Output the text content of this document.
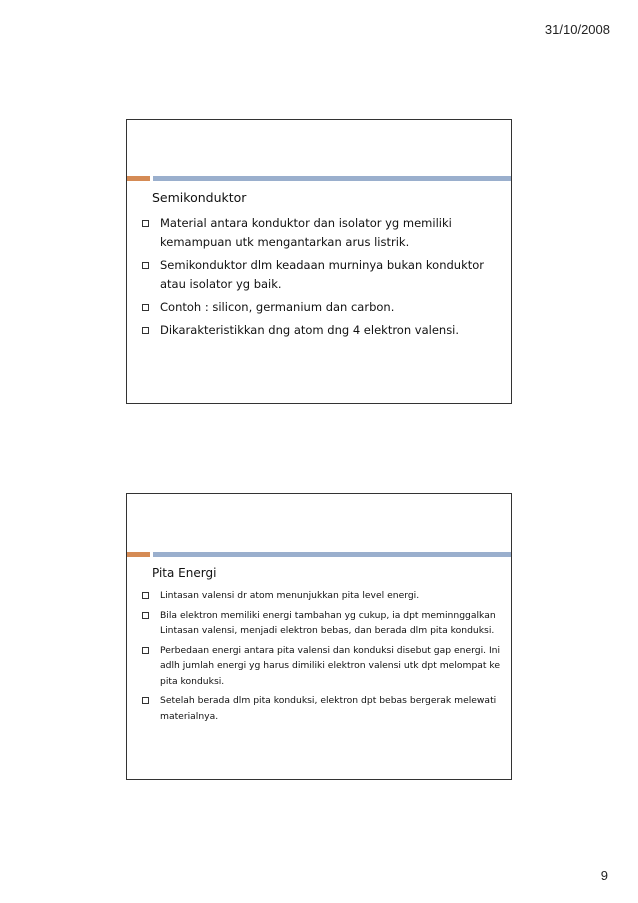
31/10/2008
Semikonduktor
Material antara konduktor dan isolator yg memiliki kemampuan utk mengantarkan arus listrik.
Semikonduktor dlm keadaan murninya bukan konduktor atau isolator yg baik.
Contoh : silicon, germanium dan carbon.
Dikarakteristikkan dng atom dng 4 elektron valensi.
Pita Energi
Lintasan valensi dr atom menunjukkan pita level energi.
Bila elektron memiliki energi tambahan yg cukup, ia dpt meminnggalkan Lintasan valensi, menjadi elektron bebas, dan berada dlm pita konduksi.
Perbedaan energi antara pita valensi dan konduksi disebut gap energi. Ini adlh jumlah energi yg harus dimiliki elektron valensi utk dpt melompat ke pita konduksi.
Setelah berada dlm pita konduksi, elektron dpt bebas bergerak melewati materialnya.
9
